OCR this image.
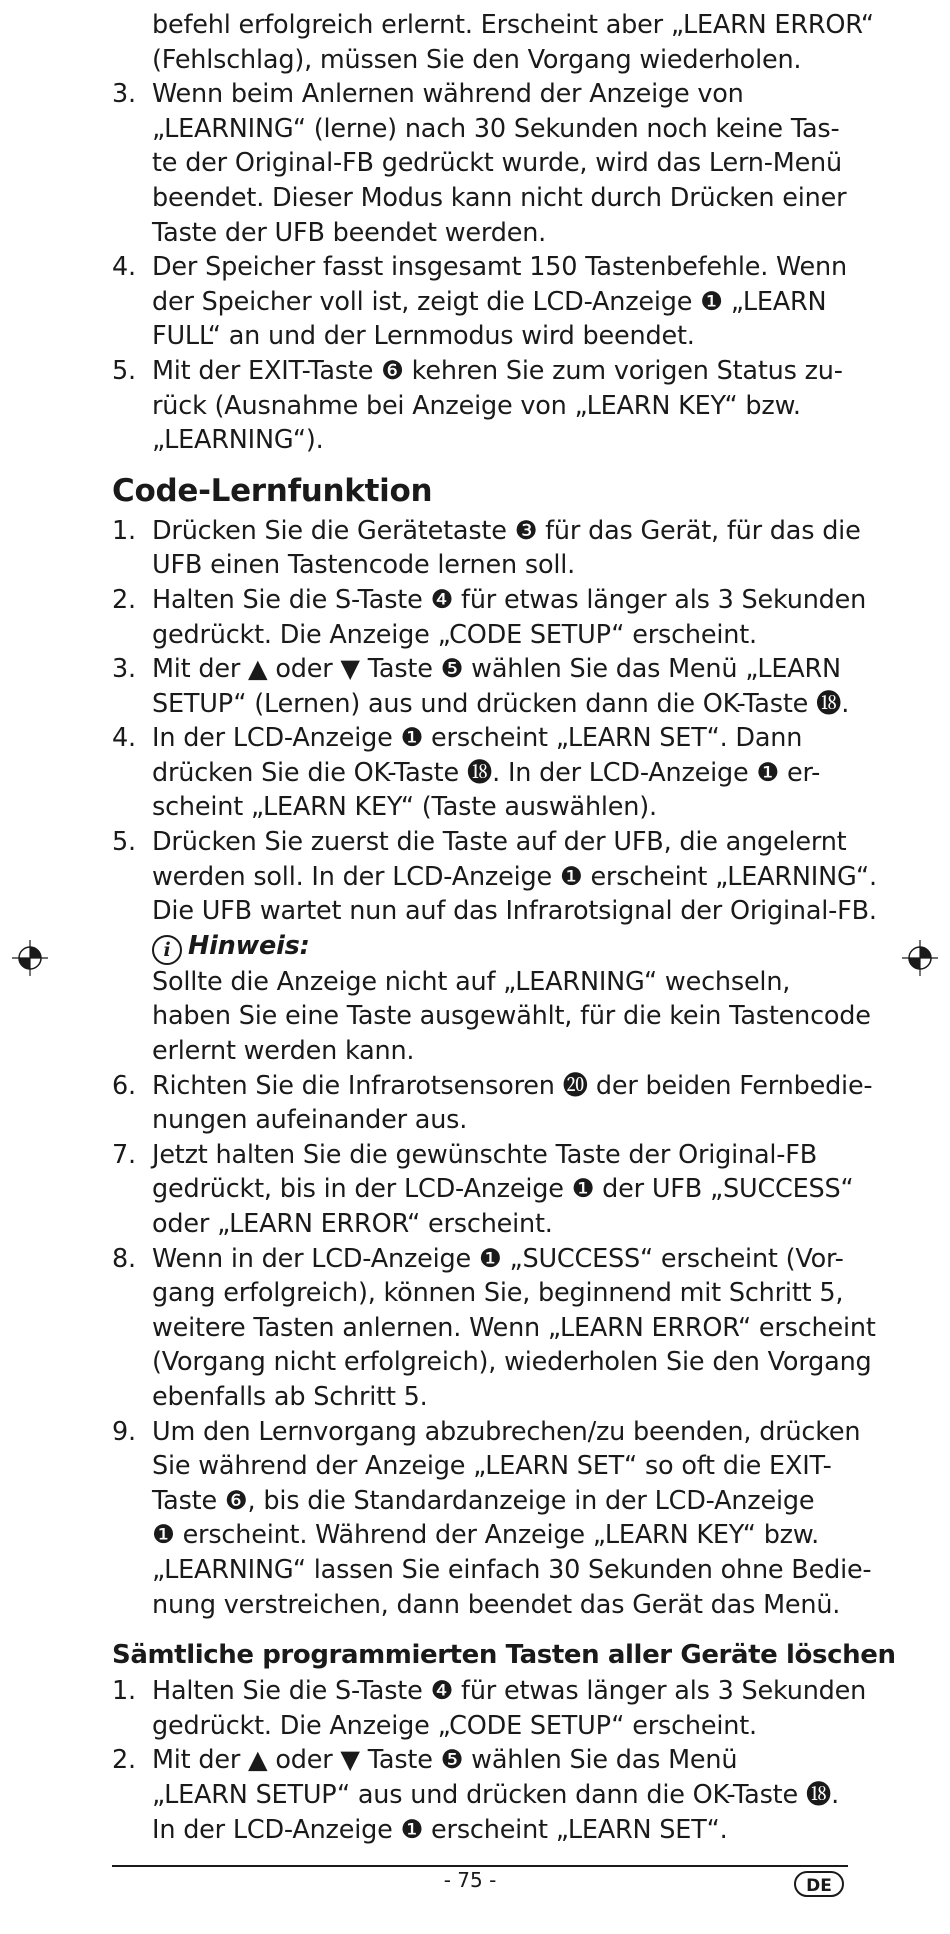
befehl erfolgreich erlernt. Erscheint aber „LEARN ERROR“
(Fehlschlag), müssen Sie den Vorgang wiederholen.
3. Wenn beim Anlernen während der Anzeige von
„LEARNING“ (lerne) nach 30 Sekunden noch keine Tas-
te der Original-FB gedrückt wurde, wird das Lern-Menü
beendet. Dieser Modus kann nicht durch Drücken einer
Taste der UFB beendet werden.
4. Der Speicher fasst insgesamt 150 Tastenbefehle. Wenn
der Speicher voll ist, zeigt die LCD-Anzeige ❶ „LEARN
FULL“ an und der Lernmodus wird beendet.
5. Mit der EXIT-Taste ❻ kehren Sie zum vorigen Status zu-
rück (Ausnahme bei Anzeige von „LEARN KEY“ bzw.
„LEARNING“).
Code-Lernfunktion
1. Drücken Sie die Gerätetaste ❸ für das Gerät, für das die
UFB einen Tastencode lernen soll.
2. Halten Sie die S-Taste ❹ für etwas länger als 3 Sekunden
gedrückt. Die Anzeige „CODE SETUP“ erscheint.
3. Mit der ▲ oder ▼ Taste ❺ wählen Sie das Menü „LEARN
SETUP“ (Lernen) aus und drücken dann die OK-Taste ⓲.
4. In der LCD-Anzeige ❶ erscheint „LEARN SET“. Dann
drücken Sie die OK-Taste ⓲. In der LCD-Anzeige ❶ er-
scheint „LEARN KEY“ (Taste auswählen).
5. Drücken Sie zuerst die Taste auf der UFB, die angelernt
werden soll. In der LCD-Anzeige ❶ erscheint „LEARNING“.
Die UFB wartet nun auf das Infrarotsignal der Original-FB.
i Hinweis:
Sollte die Anzeige nicht auf „LEARNING“ wechseln,
haben Sie eine Taste ausgewählt, für die kein Tastencode
erlernt werden kann.
6. Richten Sie die Infrarotsensoren ⓴ der beiden Fernbedie-
nungen aufeinander aus.
7. Jetzt halten Sie die gewünschte Taste der Original-FB
gedrückt, bis in der LCD-Anzeige ❶ der UFB „SUCCESS“
oder „LEARN ERROR“ erscheint.
8. Wenn in der LCD-Anzeige ❶ „SUCCESS“ erscheint (Vor-
gang erfolgreich), können Sie, beginnend mit Schritt 5,
weitere Tasten anlernen. Wenn „LEARN ERROR“ erscheint
(Vorgang nicht erfolgreich), wiederholen Sie den Vorgang
ebenfalls ab Schritt 5.
9. Um den Lernvorgang abzubrechen/zu beenden, drücken
Sie während der Anzeige „LEARN SET“ so oft die EXIT-
Taste ❻, bis die Standardanzeige in der LCD-Anzeige
❶ erscheint. Während der Anzeige „LEARN KEY“ bzw.
„LEARNING“ lassen Sie einfach 30 Sekunden ohne Bedie-
nung verstreichen, dann beendet das Gerät das Menü.
Sämtliche programmierten Tasten aller Geräte löschen
1. Halten Sie die S-Taste ❹ für etwas länger als 3 Sekunden
gedrückt. Die Anzeige „CODE SETUP“ erscheint.
2. Mit der ▲ oder ▼ Taste ❺ wählen Sie das Menü
„LEARN SETUP“ aus und drücken dann die OK-Taste ⓲.
In der LCD-Anzeige ❶ erscheint „LEARN SET“.
- 75 -	DE
